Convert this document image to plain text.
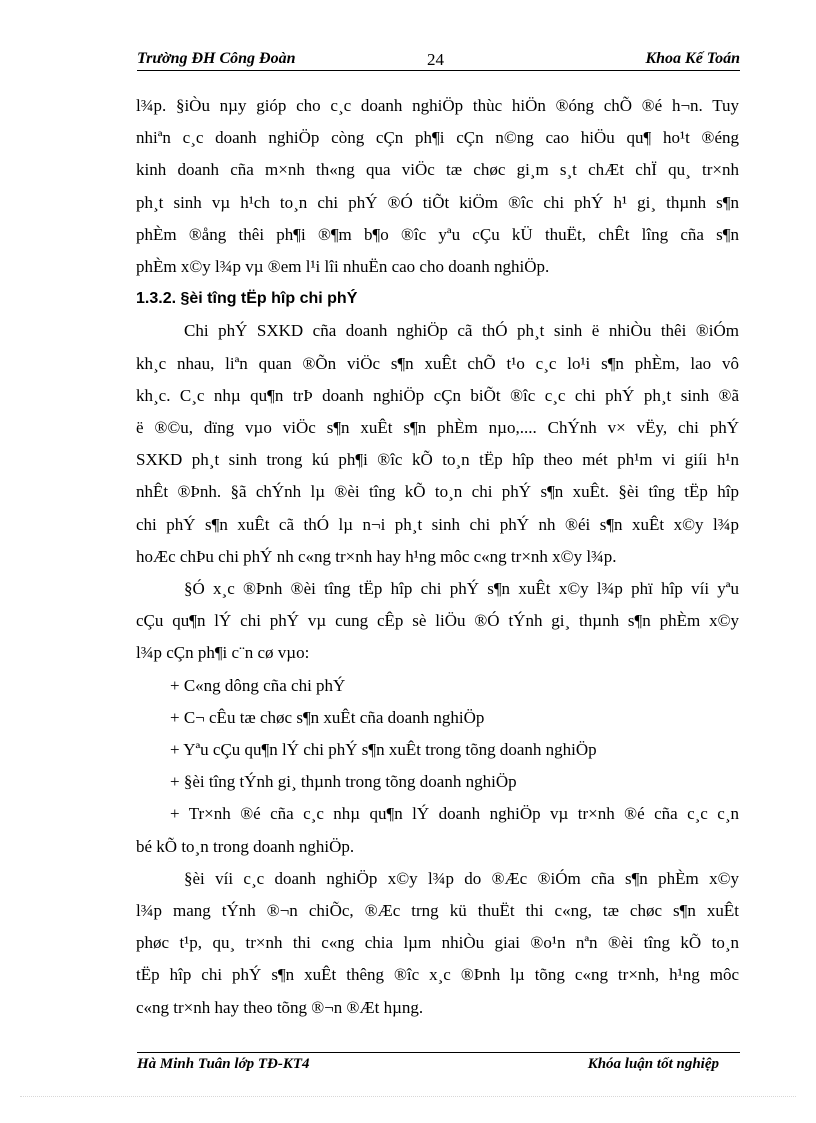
Trường ĐH Công Đoàn	24	Khoa Kế Toán

l¾p. §iÒu nµy gióp cho c¸c doanh nghiÖp thùc hiÖn ®óng chÕ ®é h¬n. Tuy
nhiªn c¸c doanh nghiÖp còng cÇn ph¶i cÇn n©ng cao hiÖu qu¶ ho¹t ®éng
kinh doanh cña m×nh th«ng qua viÖc tæ chøc gi¸m s¸t chÆt chÏ qu¸ tr×nh
ph¸t sinh vµ h¹ch to¸n chi phÝ ®Ó tiÕt kiÖm ®îc chi phÝ h¹ gi¸ thµnh s¶n
phÈm ®ång thêi ph¶i ®¶m b¶o ®îc yªu cÇu kÜ thuËt, chÊt lîng cña s¶n
phÈm x©y l¾p vµ ®em l¹i lîi nhuËn cao cho doanh nghiÖp.

1.3.2. §èi tîng tËp hîp chi phÝ

Chi phÝ SXKD cña doanh nghiÖp cã thÓ ph¸t sinh ë nhiÒu thêi ®iÓm
kh¸c nhau, liªn quan ®Õn viÖc s¶n xuÊt chÕ t¹o c¸c lo¹i s¶n phÈm, lao vô
kh¸c. C¸c nhµ qu¶n trÞ doanh nghiÖp cÇn biÕt ®îc c¸c chi phÝ ph¸t sinh ®ã
ë ®©u, dïng vµo viÖc s¶n xuÊt s¶n phÈm nµo,.... ChÝnh v× vËy, chi phÝ
SXKD ph¸t sinh trong kú ph¶i ®îc kÕ to¸n tËp hîp theo mét ph¹m vi giíi h¹n
nhÊt ®Þnh. §ã chÝnh lµ ®èi tîng kÕ to¸n chi phÝ s¶n xuÊt. §èi tîng tËp hîp
chi phÝ s¶n xuÊt cã thÓ lµ n¬i ph¸t sinh chi phÝ nh ®éi s¶n xuÊt x©y l¾p
hoÆc chÞu chi phÝ nh c«ng tr×nh hay h¹ng môc c«ng tr×nh x©y l¾p.

§Ó x¸c ®Þnh ®èi tîng tËp hîp chi phÝ s¶n xuÊt x©y l¾p phï hîp víi yªu
cÇu qu¶n lÝ chi phÝ vµ cung cÊp sè liÖu ®Ó tÝnh gi¸ thµnh s¶n phÈm x©y
l¾p cÇn ph¶i c¨n cø vµo:

+ C«ng dông cña chi phÝ
+ C¬ cÊu tæ chøc s¶n xuÊt cña doanh nghiÖp
+ Yªu cÇu qu¶n lÝ chi phÝ s¶n xuÊt trong tõng doanh nghiÖp
+ §èi tîng tÝnh gi¸ thµnh trong tõng doanh nghiÖp

+ Tr×nh ®é cña c¸c nhµ qu¶n lÝ doanh nghiÖp vµ tr×nh ®é cña c¸c c¸n
bé kÕ to¸n trong doanh nghiÖp.

§èi víi c¸c doanh nghiÖp x©y l¾p do ®Æc ®iÓm cña s¶n phÈm x©y
l¾p mang tÝnh ®¬n chiÕc, ®Æc trng kü thuËt thi c«ng, tæ chøc s¶n xuÊt
phøc t¹p, qu¸ tr×nh thi c«ng chia lµm nhiÒu giai ®o¹n nªn ®èi tîng kÕ to¸n
tËp hîp chi phÝ s¶n xuÊt thêng ®îc x¸c ®Þnh lµ tõng c«ng tr×nh, h¹ng môc
c«ng tr×nh hay theo tõng ®¬n ®Æt hµng.

Hà Minh Tuân lớp TĐ-KT4	Khóa luận tốt nghiệp
